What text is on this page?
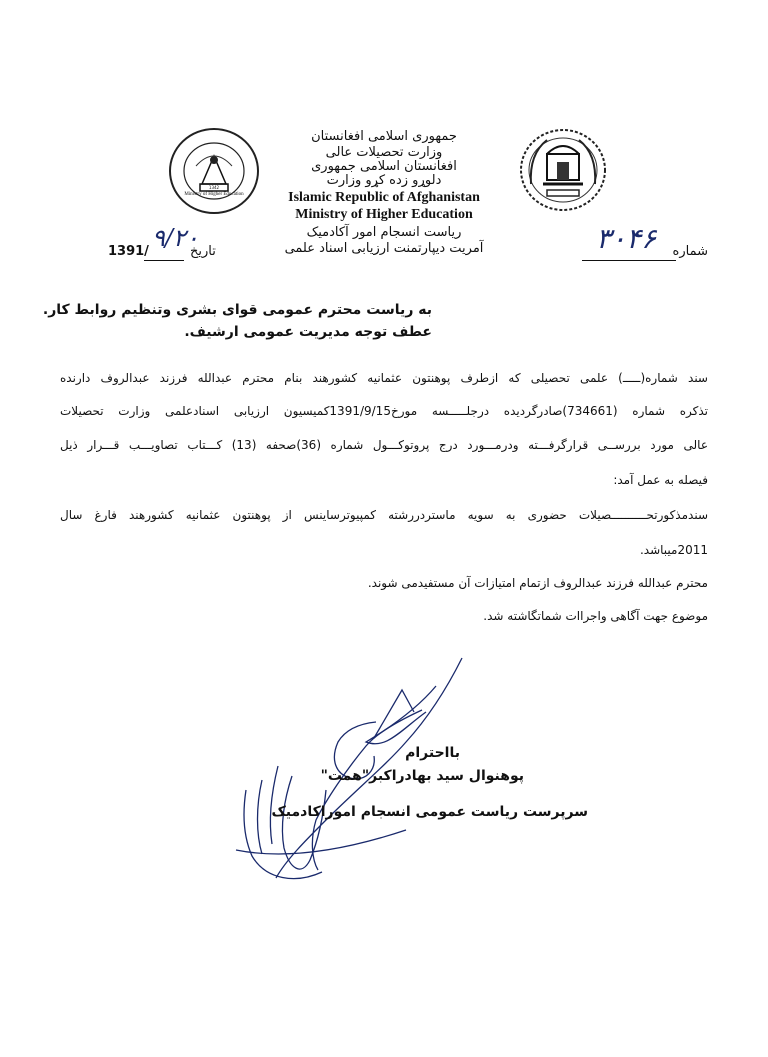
Ministry of Higher Education
1342
جمهوری اسلامی افغانستان
وزارت تحصیلات عالی
افغانستان اسلامی جمهوری
دلوړو زده کړو وزارت
Islamic Republic of Afghanistan
Ministry of Higher Education
ریاست انسجام امور آکادمیک
آمریت دیپارتمنت ارزیابی اسناد علمی	شماره
۳۰۴۶
1391/ ۹/۲۰
تاریخ
به ریاست محترم عمومی قوای بشری وتنظیم روابط کار.
عطف توجه مدیریت عمومی ارشیف.
سند شماره(ـــــ) علمی تحصیلی که ازطرف پوهنتون عثمانیه کشورهند بنام محترم عبدالله فرزند عبدالروف دارنده
تذکره شماره (734661)صادرگردیده درجلـــــسه مورخ1391/9/15کمیسیون ارزیابی اسنادعلمی وزارت تحصیلات
عالی مورد بررســی قرارگرفـــته ودرمـــورد درج پروتوکـــول شماره (36)صحفه (13) کـــتاب تصاویـــب قـــرار ذیل
فیصله به عمل آمد:
سندمذکورتحــــــــــصیلات حضوری به سویه ماستردررشته کمپیوترساینس از پوهنتون عثمانیه کشورهند فارغ سال
2011میباشد.
محترم عبدالله فرزند عبدالروف ازتمام امتیازات آن مستفیدمی شوند.
موضوع جهت آگاهی واجراات شماتگاشته شد.
بااحترام
پوهنوال سید بهادراکبر"همت"
سرپرست ریاست عمومی انسجام اموراکادمیک
